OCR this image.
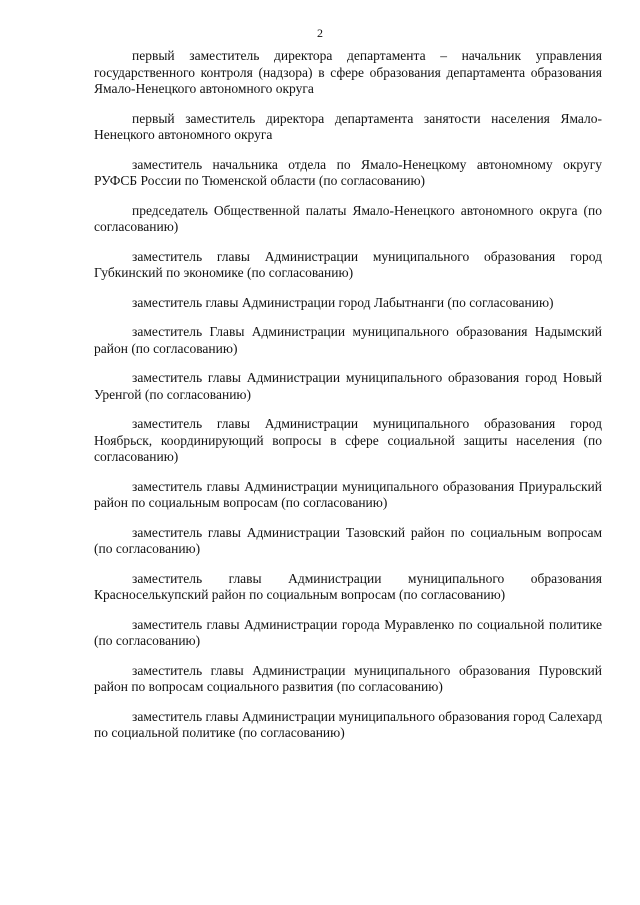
2

первый заместитель директора департамента – начальник управления государственного контроля (надзора) в сфере образования департамента образования Ямало-Ненецкого автономного округа

первый заместитель директора департамента занятости населения Ямало-Ненецкого автономного округа

заместитель начальника отдела по Ямало-Ненецкому автономному округу РУФСБ России по Тюменской области (по согласованию)

председатель Общественной палаты Ямало-Ненецкого автономного округа (по согласованию)

заместитель главы Администрации муниципального образования город Губкинский по экономике (по согласованию)

заместитель главы Администрации город Лабытнанги (по согласованию)

заместитель Главы Администрации муниципального образования Надымский район (по согласованию)

заместитель главы Администрации муниципального образования город Новый Уренгой (по согласованию)

заместитель главы Администрации муниципального образования город Ноябрьск, координирующий вопросы в сфере социальной защиты населения (по согласованию)

заместитель главы Администрации муниципального образования Приуральский район по социальным вопросам (по согласованию)

заместитель главы Администрации Тазовский район по социальным вопросам (по согласованию)

заместитель главы Администрации муниципального образования Красноселькупский район по социальным вопросам (по согласованию)

заместитель главы Администрации города Муравленко по социальной политике (по согласованию)

заместитель главы Администрации муниципального образования Пуровский район по вопросам социального развития (по согласованию)

заместитель главы Администрации муниципального образования город Салехард по социальной политике (по согласованию)
